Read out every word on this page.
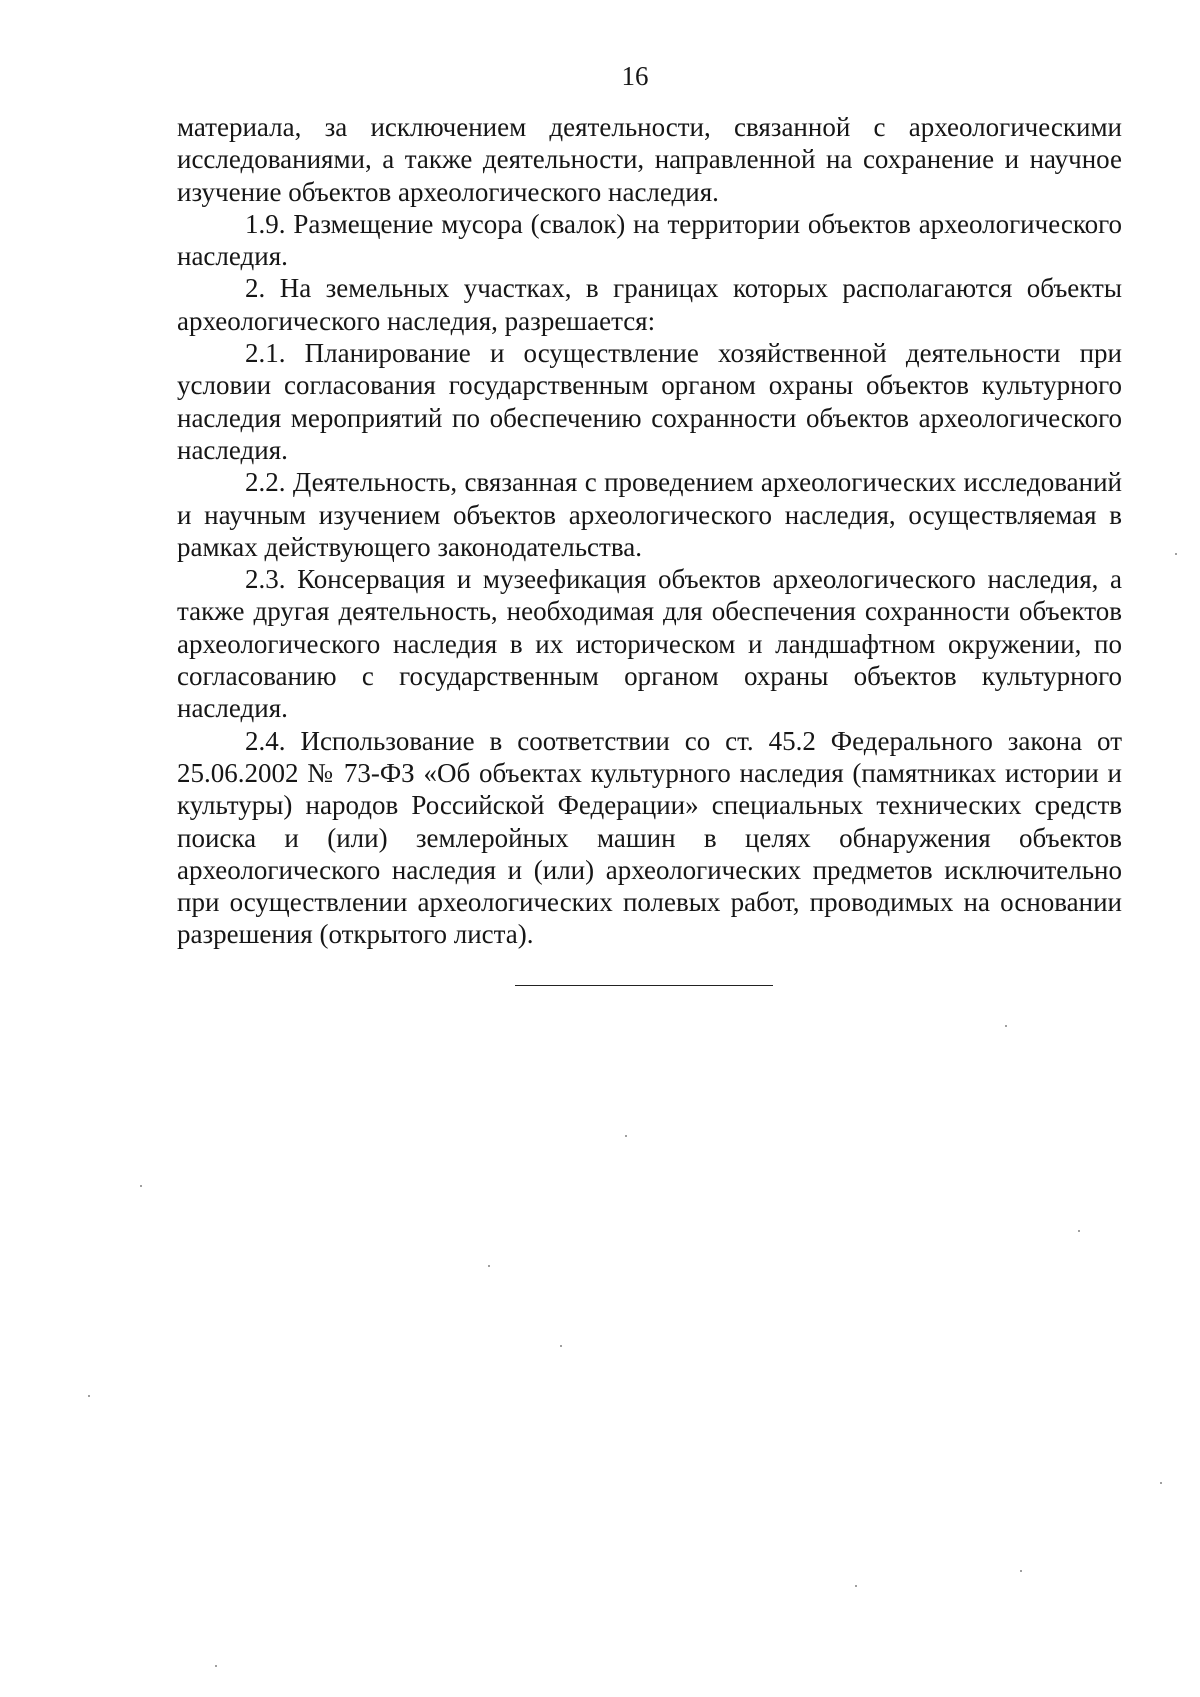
16

материала, за исключением деятельности, связанной с археологическими исследованиями, а также деятельности, направленной на сохранение и научное изучение объектов археологического наследия.

1.9. Размещение мусора (свалок) на территории объектов археологического наследия.

2. На земельных участках, в границах которых располагаются объекты археологического наследия, разрешается:

2.1. Планирование и осуществление хозяйственной деятельности при условии согласования государственным органом охраны объектов культурного наследия мероприятий по обеспечению сохранности объектов археологического наследия.

2.2. Деятельность, связанная с проведением археологических исследований и научным изучением объектов археологического наследия, осуществляемая в рамках действующего законодательства.

2.3. Консервация и музеефикация объектов археологического наследия, а также другая деятельность, необходимая для обеспечения сохранности объектов археологического наследия в их историческом и ландшафтном окружении, по согласованию с государственным органом охраны объектов культурного наследия.

2.4. Использование в соответствии со ст. 45.2 Федерального закона от 25.06.2002 № 73-ФЗ «Об объектах культурного наследия (памятниках истории и культуры) народов Российской Федерации» специальных технических средств поиска и (или) землеройных машин в целях обнаружения объектов археологического наследия и (или) археологических предметов исключительно при осуществлении археологических полевых работ, проводимых на основании разрешения (открытого листа).
